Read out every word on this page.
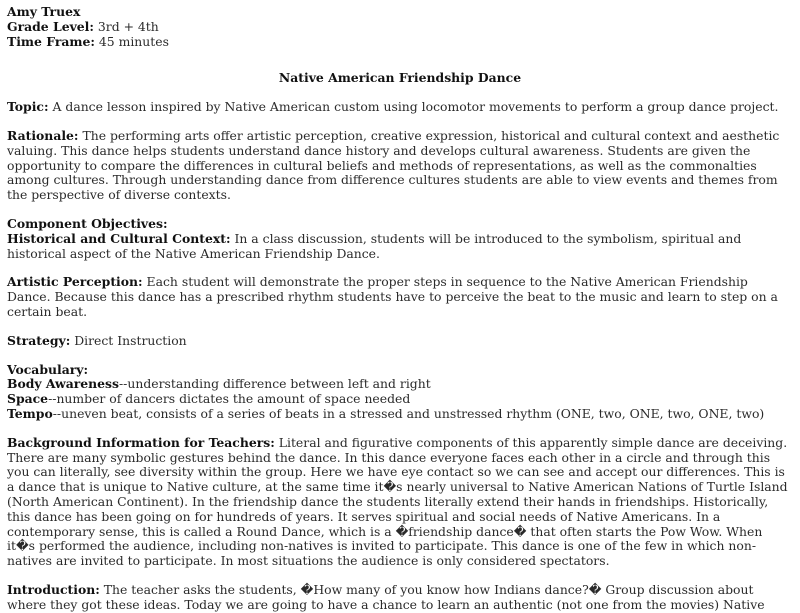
Amy Truex
Grade Level: 3rd + 4th
Time Frame: 45 minutes
Native American Friendship Dance

Topic: A dance lesson inspired by Native American custom using locomotor movements to perform a group dance project.

Rationale: The performing arts offer artistic perception, creative expression, historical and cultural context and aesthetic valuing. This dance helps students understand dance history and develops cultural awareness. Students are given the opportunity to compare the differences in cultural beliefs and methods of representations, as well as the commonalties among cultures. Through understanding dance from difference cultures students are able to view events and themes from the perspective of diverse contexts.

Component Objectives:
Historical and Cultural Context: In a class discussion, students will be introduced to the symbolism, spiritual and historical aspect of the Native American Friendship Dance.

Artistic Perception: Each student will demonstrate the proper steps in sequence to the Native American Friendship Dance. Because this dance has a prescribed rhythm students have to perceive the beat to the music and learn to step on a certain beat.

Strategy: Direct Instruction

Vocabulary:
Body Awareness--understanding difference between left and right
Space--number of dancers dictates the amount of space needed
Tempo--uneven beat, consists of a series of beats in a stressed and unstressed rhythm (ONE, two, ONE, two, ONE, two)

Background Information for Teachers: Literal and figurative components of this apparently simple dance are deceiving. There are many symbolic gestures behind the dance. In this dance everyone faces each other in a circle and through this you can literally, see diversity within the group. Here we have eye contact so we can see and accept our differences. This is a dance that is unique to Native culture, at the same time it�s nearly universal to Native American Nations of Turtle Island (North American Continent). In the friendship dance the students literally extend their hands in friendships. Historically, this dance has been going on for hundreds of years. It serves spiritual and social needs of Native Americans. In a contemporary sense, this is called a Round Dance, which is a �friendship dance� that often starts the Pow Wow. When it�s performed the audience, including non-natives is invited to participate. This dance is one of the few in which non-natives are invited to participate. In most situations the audience is only considered spectators.

Introduction: The teacher asks the students, �How many of you know how Indians dance?� Group discussion about where they got these ideas. Today we are going to have a chance to learn an authentic (not one from the movies) Native
